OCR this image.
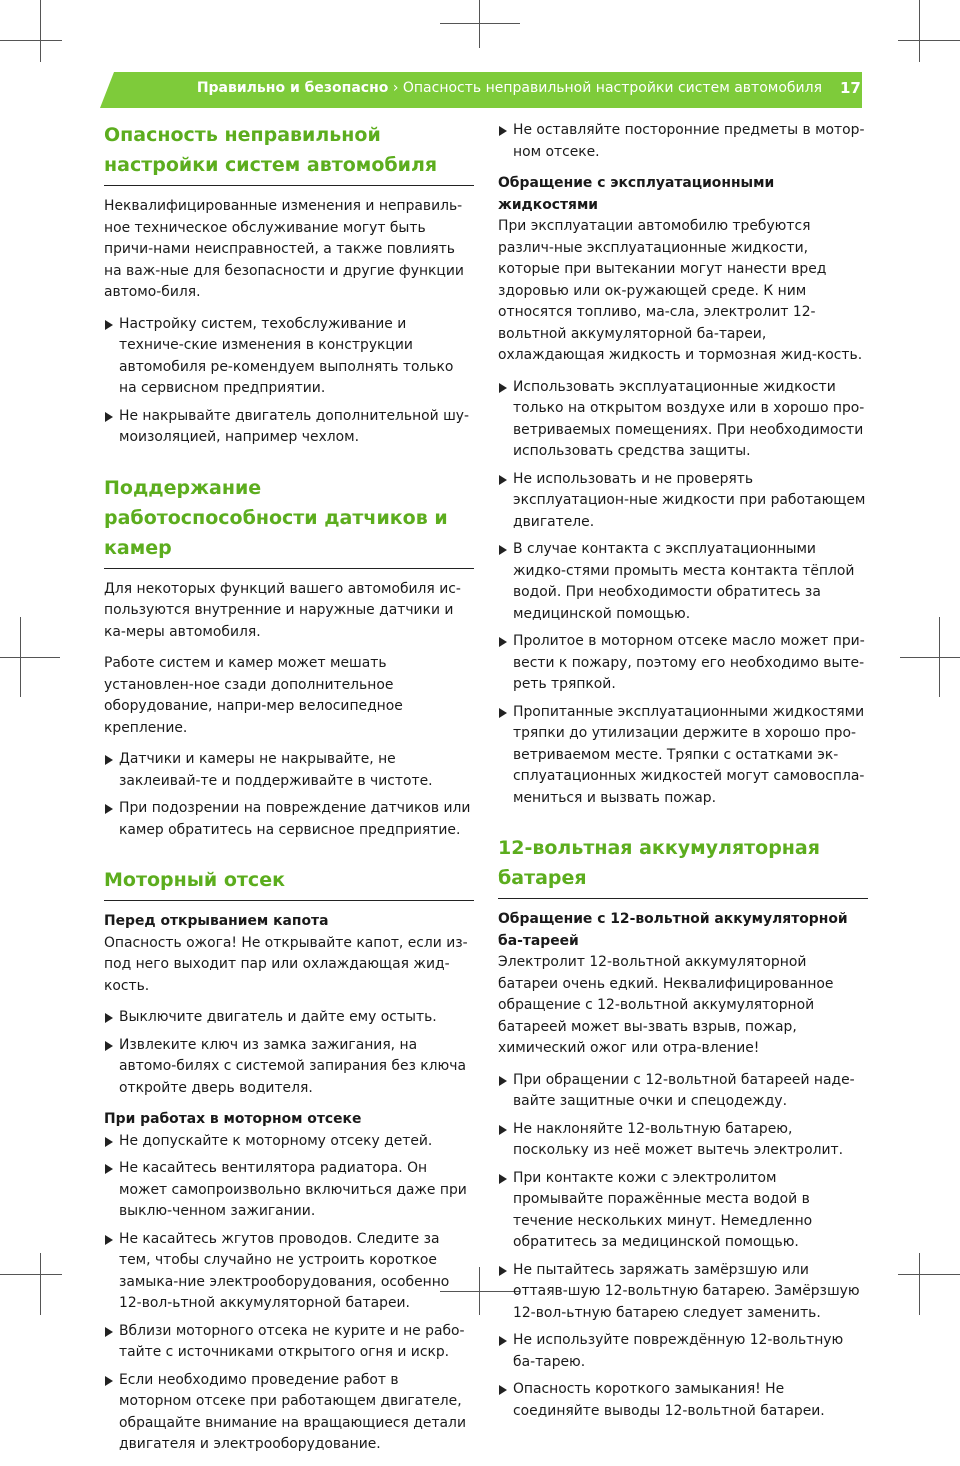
Правильно и безопасно › Опасность неправильной настройки систем автомобиля 17
Опасность неправильной настройки систем автомобиля

Неквалифицированные изменения и неправиль-ное техническое обслуживание могут быть причи-нами неисправностей, а также повлиять на важ-ные для безопасности и другие функции автомо-биля.

Настройку систем, техобслуживание и техниче-ские изменения в конструкции автомобиля ре-комендуем выполнять только на сервисном предприятии.
Не накрывайте двигатель дополнительной шу-моизоляцией, например чехлом.
Поддержание работоспособности датчиков и камер

Для некоторых функций вашего автомобиля ис-пользуются внутренние и наружные датчики и ка-меры автомобиля.

Работе систем и камер может мешать установлен-ное сзади дополнительное оборудование, напри-мер велосипедное крепление.

Датчики и камеры не накрывайте, не заклеивай-те и поддерживайте в чистоте.
При подозрении на повреждение датчиков или камер обратитесь на сервисное предприятие.
Моторный отсек
Перед открыванием капота

Опасность ожога! Не открывайте капот, если из-под него выходит пар или охлаждающая жид-кость.

Выключите двигатель и дайте ему остыть.
Извлеките ключ из замка зажигания, на автомо-билях с системой запирания без ключа откройте дверь водителя.
При работах в моторном отсеке
Не допускайте к моторному отсеку детей.
Не касайтесь вентилятора радиатора. Он может самопроизвольно включиться даже при выклю-ченном зажигании.
Не касайтесь жгутов проводов. Следите за тем, чтобы случайно не устроить короткое замыка-ние электрооборудования, особенно 12-вол-ьтной аккумуляторной батареи.
Вблизи моторного отсека не курите и не рабо-тайте с источниками открытого огня и искр.
Если необходимо проведение работ в моторном отсеке при работающем двигателе, обращайте внимание на вращающиеся детали двигателя и электрооборудование.
Не оставляйте посторонние предметы в мотор-ном отсеке.
Обращение с эксплуатационными жидкостями

При эксплуатации автомобилю требуются различ-ные эксплуатационные жидкости, которые при вытекании могут нанести вред здоровью или ок-ружающей среде. К ним относятся топливо, ма-сла, электролит 12-вольтной аккумуляторной ба-тареи, охлаждающая жидкость и тормозная жид-кость.

Использовать эксплуатационные жидкости только на открытом воздухе или в хорошо про-ветриваемых помещениях. При необходимости использовать средства защиты.
Не использовать и не проверять эксплуатацион-ные жидкости при работающем двигателе.
В случае контакта с эксплуатационными жидко-стями промыть места контакта тёплой водой. При необходимости обратитесь за медицинской помощью.
Пролитое в моторном отсеке масло может при-вести к пожару, поэтому его необходимо выте-реть тряпкой.
Пропитанные эксплуатационными жидкостями тряпки до утилизации держите в хорошо про-ветриваемом месте. Тряпки с остатками эк-сплуатационных жидкостей могут самовоспла-мениться и вызвать пожар.
12-вольтная аккумуляторная батарея
Обращение с 12-вольтной аккумуляторной ба-тареей

Электролит 12-вольтной аккумуляторной батареи очень едкий. Неквалифицированное обращение с 12-вольтной аккумуляторной батареей может вы-звать взрыв, пожар, химический ожог или отра-вление!

При обращении с 12-вольтной батареей наде-вайте защитные очки и спецодежду.
Не наклоняйте 12-вольтную батарею, поскольку из неё может вытечь электролит.
При контакте кожи с электролитом промывайте поражённые места водой в течение нескольких минут. Немедленно обратитесь за медицинской помощью.
Не пытайтесь заряжать замёрзшую или оттаяв-шую 12-вольтную батарею. Замёрзшую 12-вол-ьтную батарею следует заменить.
Не используйте повреждённую 12-вольтную ба-тарею.
Опасность короткого замыкания! Не соединяйте выводы 12-вольтной батареи.
